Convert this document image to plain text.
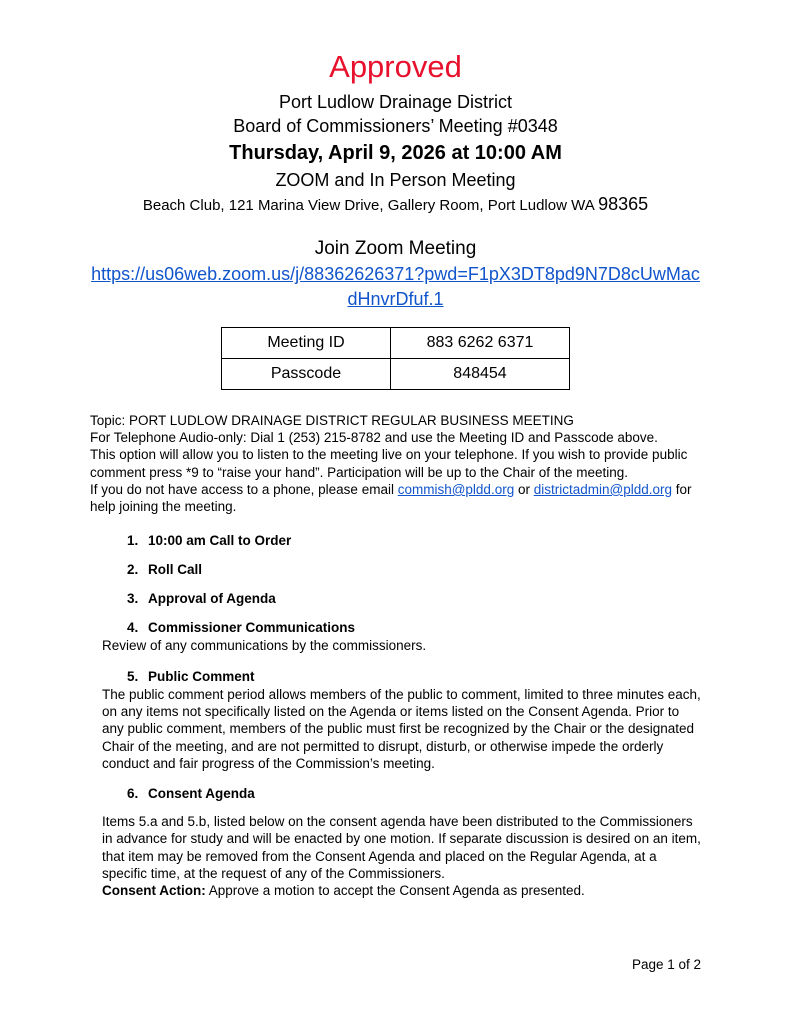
Approved
Port Ludlow Drainage District
Board of Commissioners’ Meeting #0348
Thursday, April 9, 2026 at 10:00 AM
ZOOM and In Person Meeting
Beach Club, 121 Marina View Drive, Gallery Room, Port Ludlow WA 98365
Join Zoom Meeting
https://us06web.zoom.us/j/88362626371?pwd=F1pX3DT8pd9N7D8cUwMacdHnvrDfuf.1
Meeting ID	883 6262 6371
Passcode	848454

Topic: PORT LUDLOW DRAINAGE DISTRICT REGULAR BUSINESS MEETING

For Telephone Audio-only: Dial 1 (253) 215-8782 and use the Meeting ID and Passcode above.

This option will allow you to listen to the meeting live on your telephone. If you wish to provide public comment press *9 to “raise your hand”. Participation will be up to the Chair of the meeting.

If you do not have access to a phone, please email commish@pldd.org or districtadmin@pldd.org for help joining the meeting.

1. 10:00 am Call to Order
2. Roll Call
3. Approval of Agenda
4. Commissioner Communications

Review of any communications by the commissioners.

5. Public Comment

The public comment period allows members of the public to comment, limited to three minutes each, on any items not specifically listed on the Agenda or items listed on the Consent Agenda. Prior to any public comment, members of the public must first be recognized by the Chair or the designated Chair of the meeting, and are not permitted to disrupt, disturb, or otherwise impede the orderly conduct and fair progress of the Commission’s meeting.

6. Consent Agenda

Items 5.a and 5.b, listed below on the consent agenda have been distributed to the Commissioners in advance for study and will be enacted by one motion. If separate discussion is desired on an item, that item may be removed from the Consent Agenda and placed on the Regular Agenda, at a specific time, at the request of any of the Commissioners.

Consent Action: Approve a motion to accept the Consent Agenda as presented.

Page 1 of 2
